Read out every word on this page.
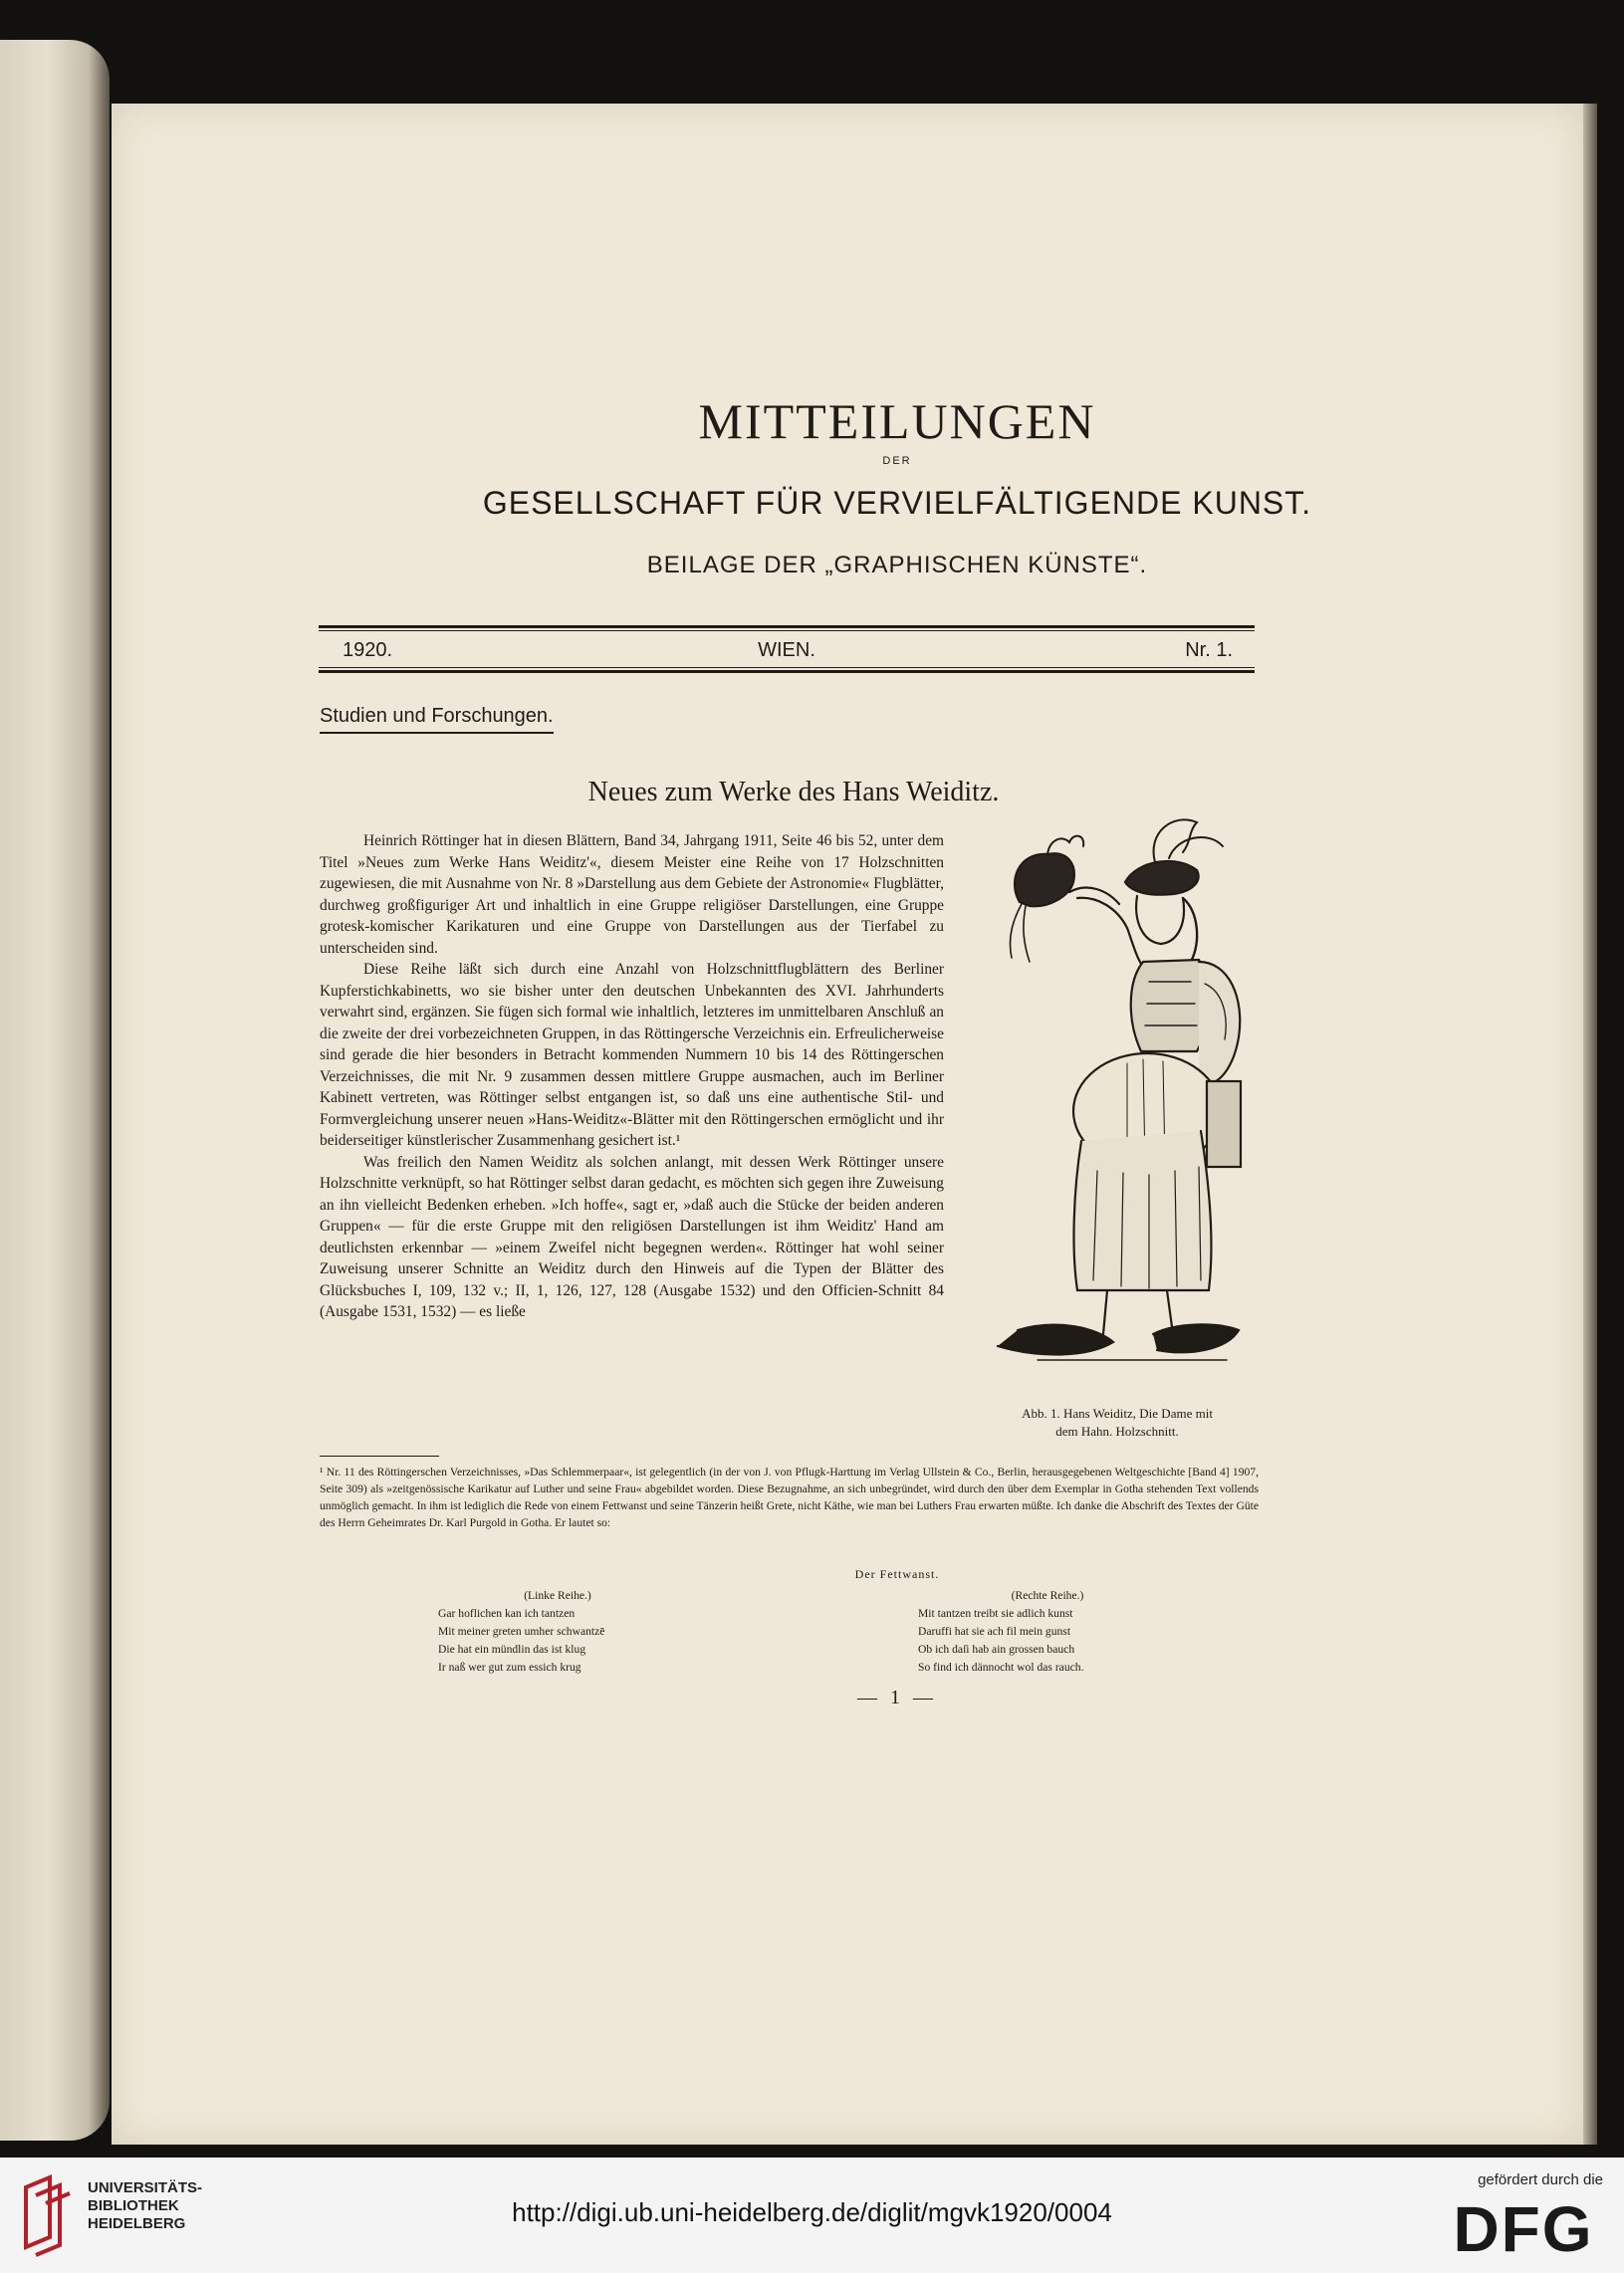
MITTEILUNGEN
DER
GESELLSCHAFT FÜR VERVIELFÄLTIGENDE KUNST.
BEILAGE DER „GRAPHISCHEN KÜNSTE“.
1920.	WIEN.	Nr. 1.
Studien und Forschungen.
Neues zum Werke des Hans Weiditz.

Heinrich Röttinger hat in diesen Blättern, Band 34, Jahrgang 1911, Seite 46 bis 52, unter dem Titel »Neues zum Werke Hans Weiditz'«, diesem Meister eine Reihe von 17 Holzschnitten zugewiesen, die mit Ausnahme von Nr. 8 »Darstellung aus dem Gebiete der Astronomie« Flugblätter, durchweg großfiguriger Art und inhaltlich in eine Gruppe religiöser Darstellungen, eine Gruppe grotesk-komischer Karikaturen und eine Gruppe von Darstellungen aus der Tierfabel zu unterscheiden sind.

Diese Reihe läßt sich durch eine Anzahl von Holzschnittflugblättern des Berliner Kupferstichkabinetts, wo sie bisher unter den deutschen Unbekannten des XVI. Jahrhunderts verwahrt sind, ergänzen. Sie fügen sich formal wie inhaltlich, letzteres im unmittelbaren Anschluß an die zweite der drei vorbezeichneten Gruppen, in das Röttingersche Verzeichnis ein. Erfreulicherweise sind gerade die hier besonders in Betracht kommenden Nummern 10 bis 14 des Röttingerschen Verzeichnisses, die mit Nr. 9 zusammen dessen mittlere Gruppe ausmachen, auch im Berliner Kabinett vertreten, was Röttinger selbst entgangen ist, so daß uns eine authentische Stil- und Formvergleichung unserer neuen »Hans-Weiditz«-Blätter mit den Röttingerschen ermöglicht und ihr beiderseitiger künstlerischer Zusammenhang gesichert ist.¹

Was freilich den Namen Weiditz als solchen anlangt, mit dessen Werk Röttinger unsere Holzschnitte verknüpft, so hat Röttinger selbst daran gedacht, es möchten sich gegen ihre Zuweisung an ihn vielleicht Bedenken erheben. »Ich hoffe«, sagt er, »daß auch die Stücke der beiden anderen Gruppen« — für die erste Gruppe mit den religiösen Darstellungen ist ihm Weiditz' Hand am deutlichsten erkennbar — »einem Zweifel nicht begegnen werden«. Röttinger hat wohl seiner Zuweisung unserer Schnitte an Weiditz durch den Hinweis auf die Typen der Blätter des Glücksbuches I, 109, 132 v.; II, 1, 126, 127, 128 (Ausgabe 1532) und den Officien-Schnitt 84 (Ausgabe 1531, 1532) — es ließe

Abb. 1. Hans Weiditz, Die Dame mit
dem Hahn. Holzschnitt.
¹ Nr. 11 des Röttingerschen Verzeichnisses, »Das Schlemmerpaar«, ist gelegentlich (in der von J. von Pflugk-Harttung im Verlag Ullstein & Co., Berlin, herausgegebenen Weltgeschichte [Band 4] 1907, Seite 309) als »zeitgenössische Karikatur auf Luther und seine Frau« abgebildet worden. Diese Bezugnahme, an sich unbegründet, wird durch den über dem Exemplar in Gotha stehenden Text vollends unmöglich gemacht. In ihm ist lediglich die Rede von einem Fettwanst und seine Tänzerin heißt Grete, nicht Käthe, wie man bei Luthers Frau erwarten müßte. Ich danke die Abschrift des Textes der Güte des Herrn Geheimrates Dr. Karl Purgold in Gotha. Er lautet so:
Der Fettwanst.
(Linke Reihe.)
Gar hoflichen kan ich tantzen
Mit meiner greten umher schwantzē
Die hat ein mündlin das ist klug
Ir naß wer gut zum essich krug
(Rechte Reihe.)
Mit tantzen treibt sie adlich kunst
Daruffi hat sie ach fil mein gunst
Ob ich daſi hab ain grossen bauch
So find ich dännocht wol das rauch.
— 1 —
UNIVERSITÄTS-
BIBLIOTHEK
HEIDELBERG	http://digi.ub.uni-heidelberg.de/diglit/mgvk1920/0004
gefördert durch die
DFG
